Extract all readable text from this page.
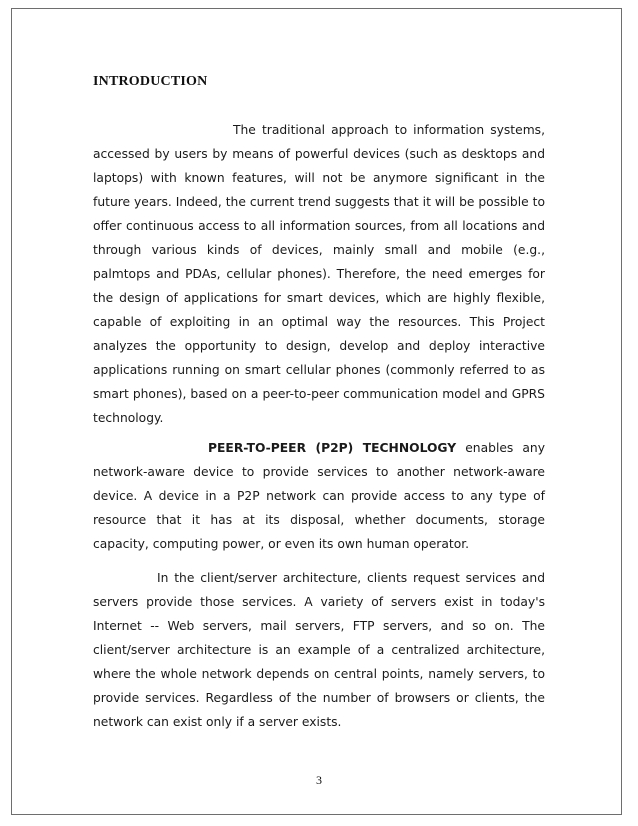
INTRODUCTION

The traditional approach to information systems, accessed by users by means of powerful devices (such as desktops and laptops) with known features, will not be anymore significant in the future years. Indeed, the current trend suggests that it will be possible to offer continuous access to all information sources, from all locations and through various kinds of devices, mainly small and mobile (e.g., palmtops and PDAs, cellular phones). Therefore, the need emerges for the design of applications for smart devices, which are highly flexible, capable of exploiting in an optimal way the resources. This Project analyzes the opportunity to design, develop and deploy interactive applications running on smart cellular phones (commonly referred to as smart phones), based on a peer-to-peer communication model and GPRS technology.

PEER-TO-PEER (P2P) TECHNOLOGY enables any network-aware device to provide services to another network-aware device. A device in a P2P network can provide access to any type of resource that it has at its disposal, whether documents, storage capacity, computing power, or even its own human operator.

In the client/server architecture, clients request services and servers provide those services. A variety of servers exist in today's Internet -- Web servers, mail servers, FTP servers, and so on. The client/server architecture is an example of a centralized architecture, where the whole network depends on central points, namely servers, to provide services. Regardless of the number of browsers or clients, the network can exist only if a server exists.

3
